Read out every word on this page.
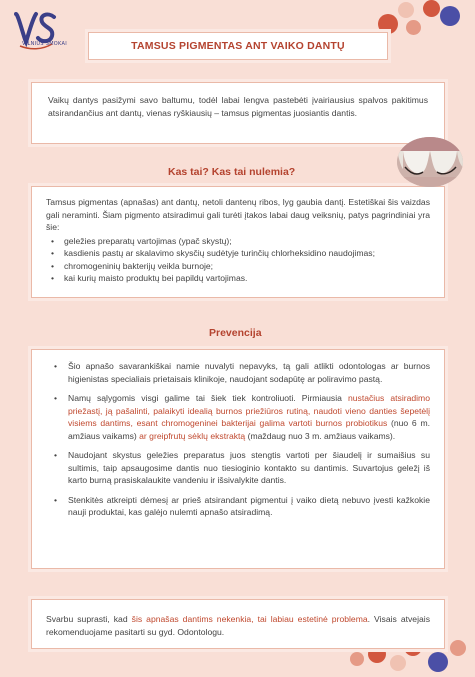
VILNIUS SMOKAI	TAMSUS PIGMENTAS ANT VAIKO DANTŲ

Vaikų dantys pasižymi savo baltumu, todėl labai lengva pastebėti įvairiausius spalvos pakitimus atsirandančius ant dantų, vienas ryškiausių – tamsus pigmentas juosiantis dantis.

Kas tai? Kas tai nulemia?

Tamsus pigmentas (apnašas) ant dantų, netoli dantenų ribos, lyg gaubia dantį. Estetiškai šis vaizdas gali neraminti. Šiam pigmento atsiradimui gali turėti įtakos labai daug veiksnių, patys pagrindiniai yra šie:

• geležies preparatų vartojimas (ypač skystų);
• kasdienis pastų ar skalavimo skysčių sudėtyje turinčių chlorheksidino naudojimas;
• chromogeninių bakterijų veikla burnoje;
• kai kurių maisto produktų bei papildų vartojimas.
Prevencija
• Šio apnašo savarankiškai namie nuvalyti nepavyks, tą gali atlikti odontologas ar burnos higienistas specialiais prietaisais klinikoje, naudojant sodapūtę ar poliravimo pastą.
• Namų sąlygomis visgi galime tai šiek tiek kontroliuoti. Pirmiausia nustačius atsiradimo priežastį, ją pašalinti, palaikyti idealią burnos priežiūros rutiną, naudoti vieno danties šepetėlį visiems dantims, esant chromogeninei bakterijai galima vartoti burnos probiotikus (nuo 6 m. amžiaus vaikams) ar greipfrutų sėklų ekstraktą (maždaug nuo 3 m. amžiaus vaikams).
• Naudojant skystus geležies preparatus juos stengtis vartoti per šiaudelį ir sumaišius su sultimis, taip apsaugosime dantis nuo tiesioginio kontakto su dantimis. Suvartojus geležį iš karto burną prasiskalaukite vandeniu ir išsivalykite dantis.
• Stenkitės atkreipti dėmesį ar prieš atsirandant pigmentui į vaiko dietą nebuvo įvesti kažkokie nauji produktai, kas galėjo nulemti apnašo atsiradimą.

Svarbu suprasti, kad šis apnašas dantims nekenkia, tai labiau estetinė problema. Visais atvejais rekomenduojame pasitarti su gyd. Odontologu.
